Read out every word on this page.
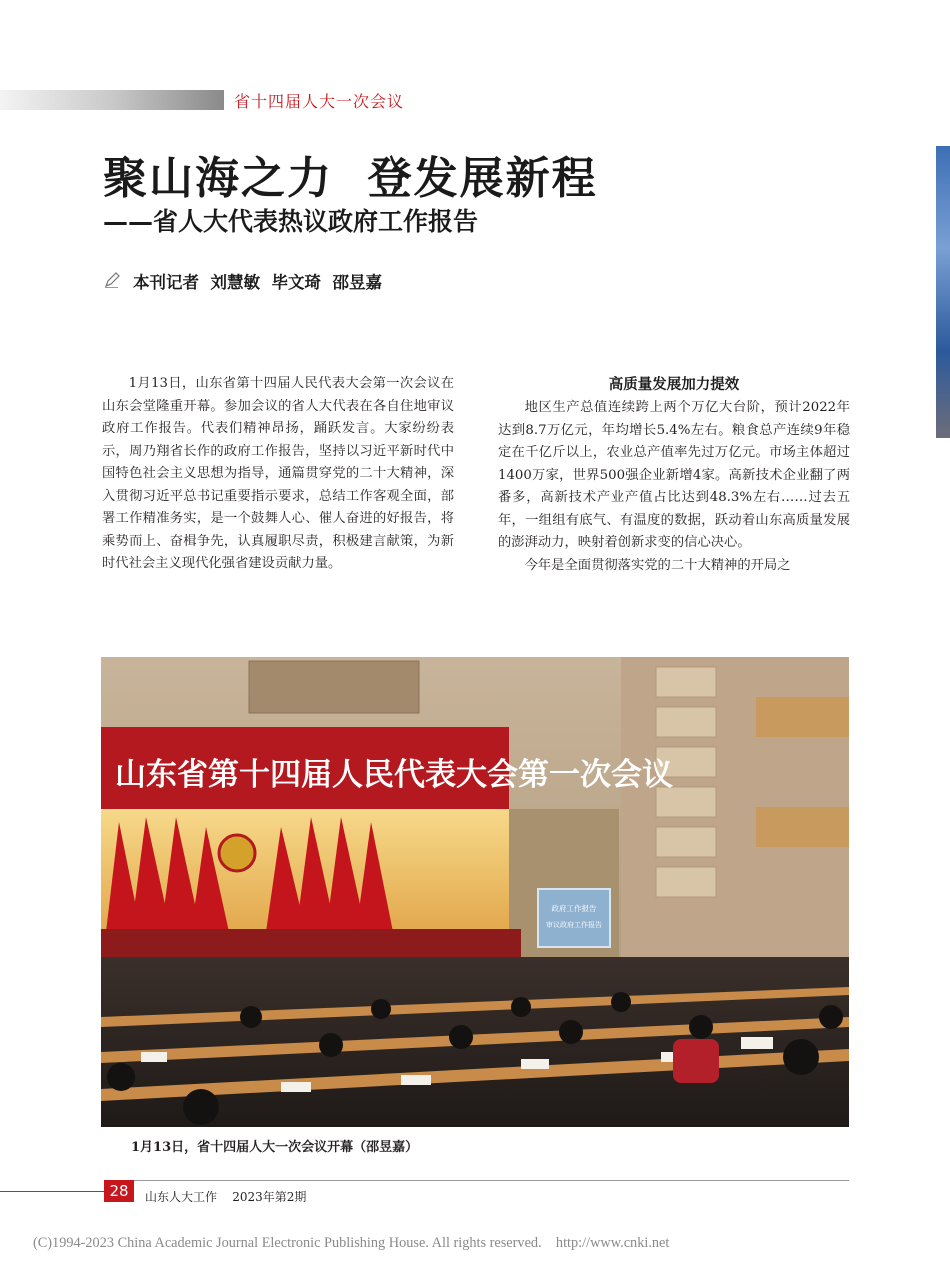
省十四届人大一次会议
聚山海之力  登发展新程
——省人大代表热议政府工作报告
本刊记者  刘慧敏  毕文琦  邵昱嘉

1月13日，山东省第十四届人民代表大会第一次会议在山东会堂隆重开幕。参加会议的省人大代表在各自住地审议政府工作报告。代表们精神昂扬，踊跃发言。大家纷纷表示，周乃翔省长作的政府工作报告，坚持以习近平新时代中国特色社会主义思想为指导，通篇贯穿党的二十大精神，深入贯彻习近平总书记重要指示要求，总结工作客观全面，部署工作精准务实，是一个鼓舞人心、催人奋进的好报告，将乘势而上、奋楫争先，认真履职尽责，积极建言献策，为新时代社会主义现代化强省建设贡献力量。

高质量发展加力提效

地区生产总值连续跨上两个万亿大台阶，预计2022年达到8.7万亿元，年均增长5.4%左右。粮食总产连续9年稳定在千亿斤以上，农业总产值率先过万亿元。市场主体超过1400万家，世界500强企业新增4家。高新技术企业翻了两番多，高新技术产业产值占比达到48.3%左右……过去五年，一组组有底气、有温度的数据，跃动着山东高质量发展的澎湃动力，映射着创新求变的信心决心。

今年是全面贯彻落实党的二十大精神的开局之

山东省第十四届人民代表大会第一次会议
政府工作报告
审议政府工作报告
1月13日，省十四届人大一次会议开幕（邵昱嘉）
28	山东人大工作    2023年第2期
(C)1994-2023 China Academic Journal Electronic Publishing House. All rights reserved.    http://www.cnki.net
